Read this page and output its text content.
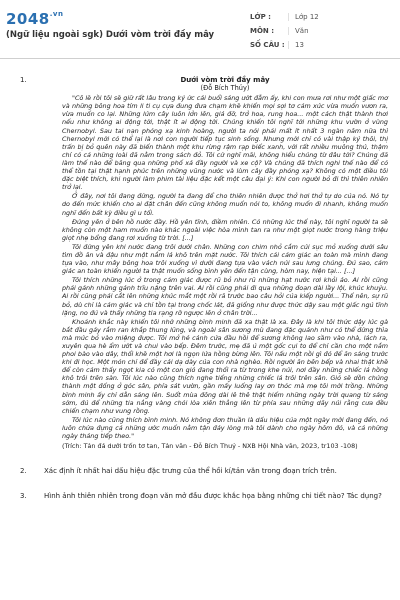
$2048^{.vn}$
(Ngữ liệu ngoài sgk) Dưới vòm trời đầy mây
LỚP :	Lớp 12
MÔN :	Văn
SỐ CÂU :	13
1.	Dưới vòm trời đầy mây
(Đỗ Bích Thủy)

"Cô lẽ rồi tôi sẽ giữ rất lâu trong ký ức cái buổi sáng ướt đẫm ấy, khi con mưa rơi như một giấc mơ và những bông hoa tím li ti cụ cựa đung đưa chạm khẽ khiến mọi sợi tơ cảm xúc vừa muốn vươn ra, vừa muốn co lại. Những lúm cây luôn lởn lên, giá đỡ, trở hoa, rung hoa... một cách thật thành thơi nếu như không ai động tới, thật ít ai động tới. Chúng khiến tôi nghĩ tới những khu vườn ở vùng Chernobyl. Sau tai nạn phóng xạ kinh hoàng, người ta nói phải mất ít nhất 3 ngàn năm nữa thì Chernobyl mới có thể lại là nơi con người tiếp tục sinh sống. Nhưng mới chỉ có vài thập kỷ thôi, thị trấn bị bỏ quên này đã biến thành một khu rừng rậm rạp biếc xanh, với rất nhiều muông thú, thậm chí có cả những loài đã nằm trong sách đỏ. Tôi cứ nghĩ mãi, không hiểu chúng từ đâu tới? Chúng đã làm thế nào để băng qua những phố xá đầy người và xe cộ? Và chúng đã thích nghi thế nào để có thể tồn tại thật hạnh phúc trên những vũng nước và lùm cây đầy phóng xạ? Không có một điều tôi đặc biệt thích, khi người làm phim tài liệu đặc kết một câu đại ý: Khi con người bỏ đi thì thiên nhiên trở lại.

Ở đây, nơi tôi đang đứng, người ta đang để cho thiên nhiên được thở hơi thở tự do của nó. Nó tự do đến mức khiến cho ai đặt chân đến cũng không muốn nói to, không muốn đi nhanh, không muốn nghĩ đến bất kỳ điều gì u tối.

Đúng yên ở bên hồ nước đầy. Hồ yên tĩnh, điềm nhiên. Có những lúc thế này, tôi nghĩ người ta sẽ không còn một ham muốn nào khác ngoài việc hòa mình tan ra như một giọt nước trong hàng triệu giọt nhẹ bổng đang rơi xuống từ trời. [...]

Tôi đứng yên khi nước đang trôi dưới chân. Những con chim nhỏ cắm cúi sục mỏ xuống dưới sâu tìm đồ ăn và đậu như một nắm lá khô trên mặt nước. Tôi thích cái cảm giác an toàn mà mình đang tựa vào, như mây bông hoa trôi xuống vì dưới đang tựa vào vách núi sau lưng chúng. Đủ sao, cảm giác an toàn khiến người ta thật muốn sống bình yên đến tận cùng, hòm nay, hiện tại... [...]

Tôi thích những lúc ở trong cảm giác được rũ bỏ như rũ những hạt nước rơi khỏi áo. Ai rồi cũng phải gánh những gánh trĩu nặng trên vai. Ai rồi cũng phải đi qua những đoạn dài lầy lội, khúc khuỷu. Ai rồi cũng phải cắt lên những khúc mắt một rồi rã trước bao câu hỏi của kiếp người... Thế nên, sự rũ bỏ, dù chỉ là cảm giác và chỉ tồn tại trong chốc lát, đã giống như được thức dậy sau một giấc ngủ tĩnh lặng, no đủ và thấy những tia rạng rỡ ngược lên ở chân trời...

Khoảnh khắc này khiến tôi nhớ những bình minh đã xa thật là xa. Đây là khi tôi thức dậy lúc gà bắt đầu gáy rắm ran khắp thung lũng, và ngoài sân sương mù đang đặc quánh như có thể đứng thìa mà múc bỏ vào miệng được. Tôi mở hé cánh cửa đầu hồi để sương không lao sầm vào nhà, lách ra, xuyên qua hè ẩm ướt và chui vào bếp. Đêm trước, mẹ đã ủ một gốc cụi to để chỉ cần cho một nắm phoi bào vào dây, thổi khẽ một hơi là ngọn lửa hồng bừng lên. Tôi nấu một nồi gì đó để ăn sáng trước khi đi học. Một món chỉ để đầy cái dạ dày của con nhà nghèo. Rồi người ăn bên bếp và nhai thật khẽ để còn cảm thấy ngọt kia có một con gió đang thổi ra từ trong khe núi, nơi đầy những chiếc lá hồng khô trôi trên sàn. Tôi lúc nào cũng thích nghe tiếng những chiếc lá trôi trên sân. Gió sẽ dồn chúng thành một đống ở góc sân, phía sát vườn, gần mấy luống lay ơn thóc mà mẹ tôi mới trồng. Những bình minh ấy chỉ dẫn sáng lên. Suốt mùa đông dài lê thê thật hiếm những ngày trời quang từ sáng sớm, đủ để những tia nắng vàng chói lòa xiên thẳng lên từ phía sau những dãy núi rằng cưa đều chiến chạm như vung rồng.

Tôi lúc nào cũng thích bình minh. Nó không đơn thuần là dấu hiệu của một ngày mới đang đến, nó luôn chứa đựng cả những ước muốn nằm tận đáy lòng mà tôi dành cho ngày hôm đó, và cả những ngày tháng tiếp theo."

(Trích: Tản đá dưới trốn tơ tan, Tản văn - Đỗ Bích Thuỷ - NXB Hội Nhà văn, 2023, tr103 -108)
2. Xác định ít nhất hai dấu hiệu đặc trưng của thể hồi kí/tản văn trong đoạn trích trên.
3. Hình ảnh thiên nhiên trong đoạn văn mở đầu được khắc họa bằng những chi tiết nào? Tác dụng?
